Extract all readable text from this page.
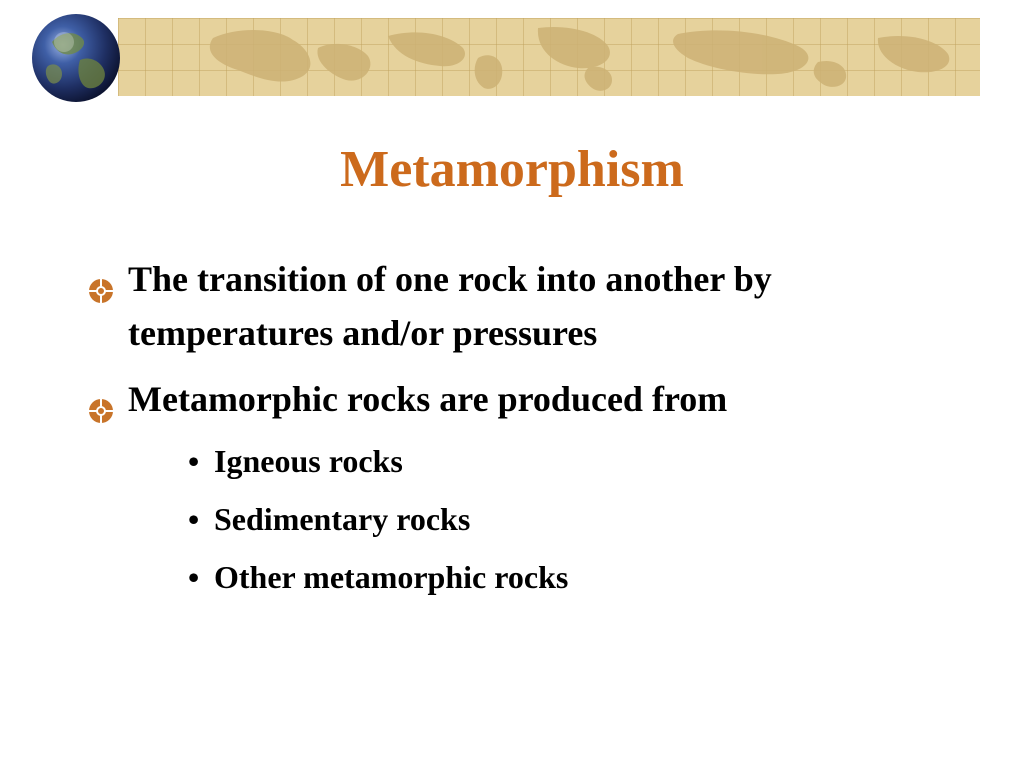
Metamorphism
The transition of one rock into another by temperatures and/or pressures
Metamorphic rocks are produced from
• Igneous rocks
• Sedimentary rocks
• Other metamorphic rocks
